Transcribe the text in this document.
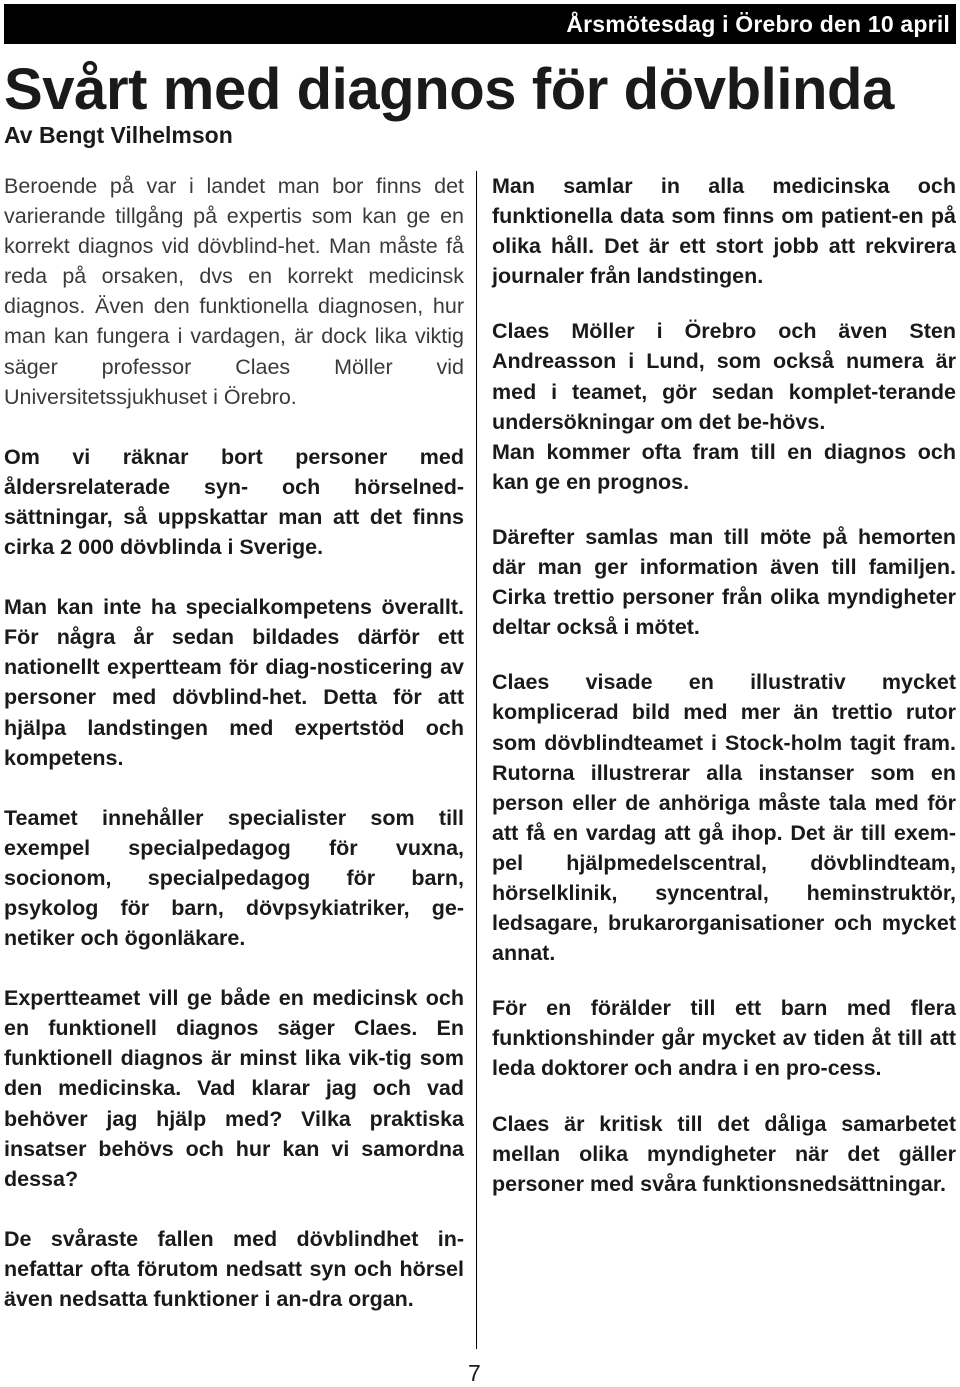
Årsmötesdag i Örebro den 10 april
Svårt med diagnos för dövblinda
Av Bengt Vilhelmson

Beroende på var i landet man bor finns det varierande tillgång på expertis som kan ge en korrekt diagnos vid dövblind-het. Man måste få reda på orsaken, dvs en korrekt medicinsk diagnos. Även den funktionella diagnosen, hur man kan fungera i vardagen, är dock lika viktig säger professor Claes Möller vid Universitetssjukhuset i Örebro.

Om vi räknar bort personer med åldersrelaterade syn- och hörselned-sättningar, så uppskattar man att det finns cirka 2 000 dövblinda i Sverige.

Man kan inte ha specialkompetens överallt. För några år sedan bildades därför ett nationellt expertteam för diag-nosticering av personer med dövblind-het. Detta för att hjälpa landstingen med expertstöd och kompetens.

Teamet innehåller specialister som till exempel specialpedagog för vuxna, socionom, specialpedagog för barn, psykolog för barn, dövpsykiatriker, ge-netiker och ögonläkare.

Expertteamet vill ge både en medicinsk och en funktionell diagnos säger Claes. En funktionell diagnos är minst lika vik-tig som den medicinska. Vad klarar jag och vad behöver jag hjälp med? Vilka praktiska insatser behövs och hur kan vi samordna dessa?

De svåraste fallen med dövblindhet in-nefattar ofta förutom nedsatt syn och hörsel även nedsatta funktioner i an-dra organ.

Man samlar in alla medicinska och funktionella data som finns om patient-en på olika håll. Det är ett stort jobb att rekvirera journaler från landstingen.

Claes Möller i Örebro och även Sten Andreasson i Lund, som också numera är med i teamet, gör sedan komplet-terande undersökningar om det be-hövs.

Man kommer ofta fram till en diagnos och kan ge en prognos.

Därefter samlas man till möte på hemorten där man ger information även till familjen. Cirka trettio personer från olika myndigheter deltar också i mötet.

Claes visade en illustrativ mycket komplicerad bild med mer än trettio rutor som dövblindteamet i Stock-holm tagit fram. Rutorna illustrerar alla instanser som en person eller de anhöriga måste tala med för att få en vardag att gå ihop. Det är till exem-pel hjälpmedelscentral, dövblindteam, hörselklinik, syncentral, heminstruktör, ledsagare, brukarorganisationer och mycket annat.

För en förälder till ett barn med flera funktionshinder går mycket av tiden åt till att leda doktorer och andra i en pro-cess.

Claes är kritisk till det dåliga samarbetet mellan olika myndigheter när det gäller personer med svåra funktionsnedsättningar.

7
